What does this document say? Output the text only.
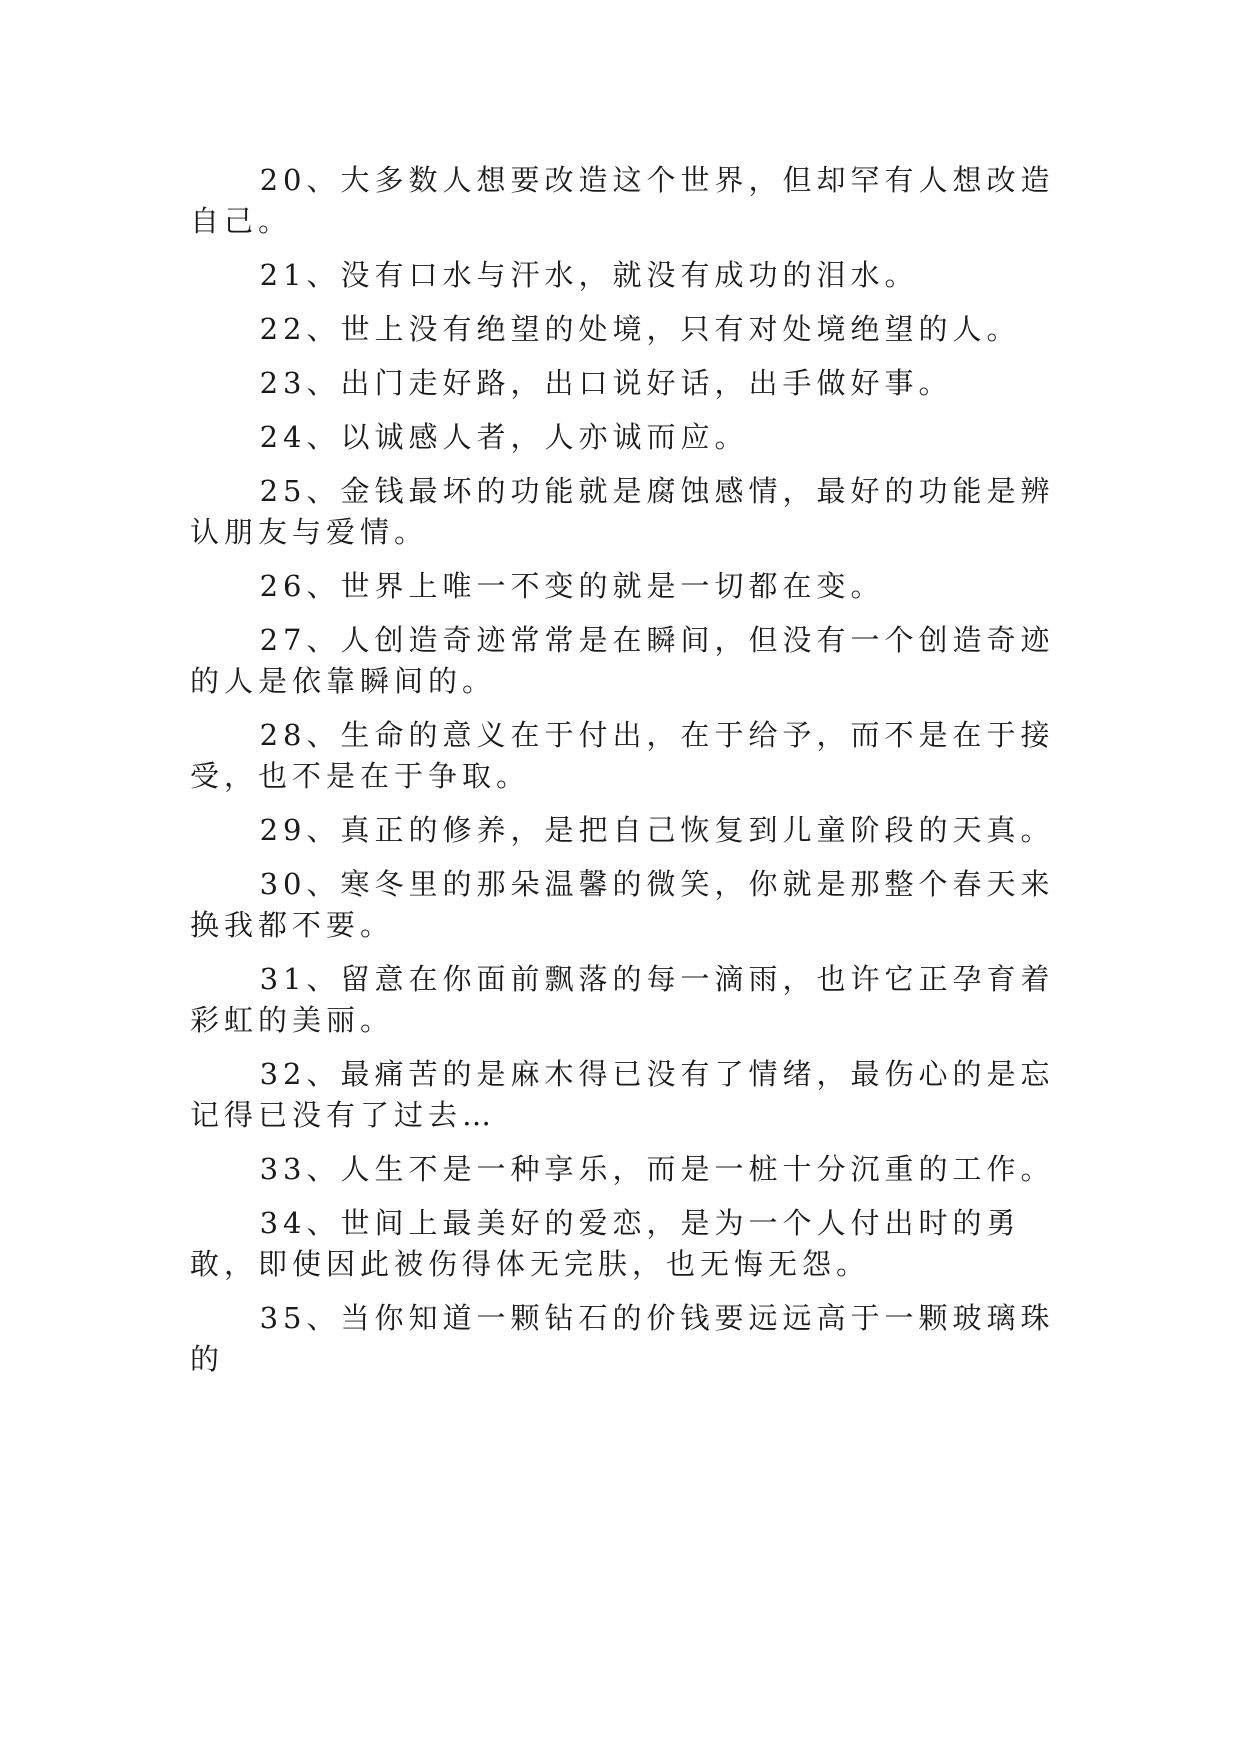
20、大多数人想要改造这个世界，但却罕有人想改造自己。

21、没有口水与汗水，就没有成功的泪水。

22、世上没有绝望的处境，只有对处境绝望的人。

23、出门走好路，出口说好话，出手做好事。

24、以诚感人者，人亦诚而应。

25、金钱最坏的功能就是腐蚀感情，最好的功能是辨认朋友与爱情。

26、世界上唯一不变的就是一切都在变。

27、人创造奇迹常常是在瞬间，但没有一个创造奇迹的人是依靠瞬间的。

28、生命的意义在于付出，在于给予，而不是在于接受，也不是在于争取。

29、真正的修养，是把自己恢复到儿童阶段的天真。

30、寒冬里的那朵温馨的微笑，你就是那整个春天来换我都不要。

31、留意在你面前飘落的每一滴雨，也许它正孕育着彩虹的美丽。

32、最痛苦的是麻木得已没有了情绪，最伤心的是忘记得已没有了过去…

33、人生不是一种享乐，而是一桩十分沉重的工作。

34、世间上最美好的爱恋，是为一个人付出时的勇敢，即使因此被伤得体无完肤，也无悔无怨。

35、当你知道一颗钻石的价钱要远远高于一颗玻璃珠的
